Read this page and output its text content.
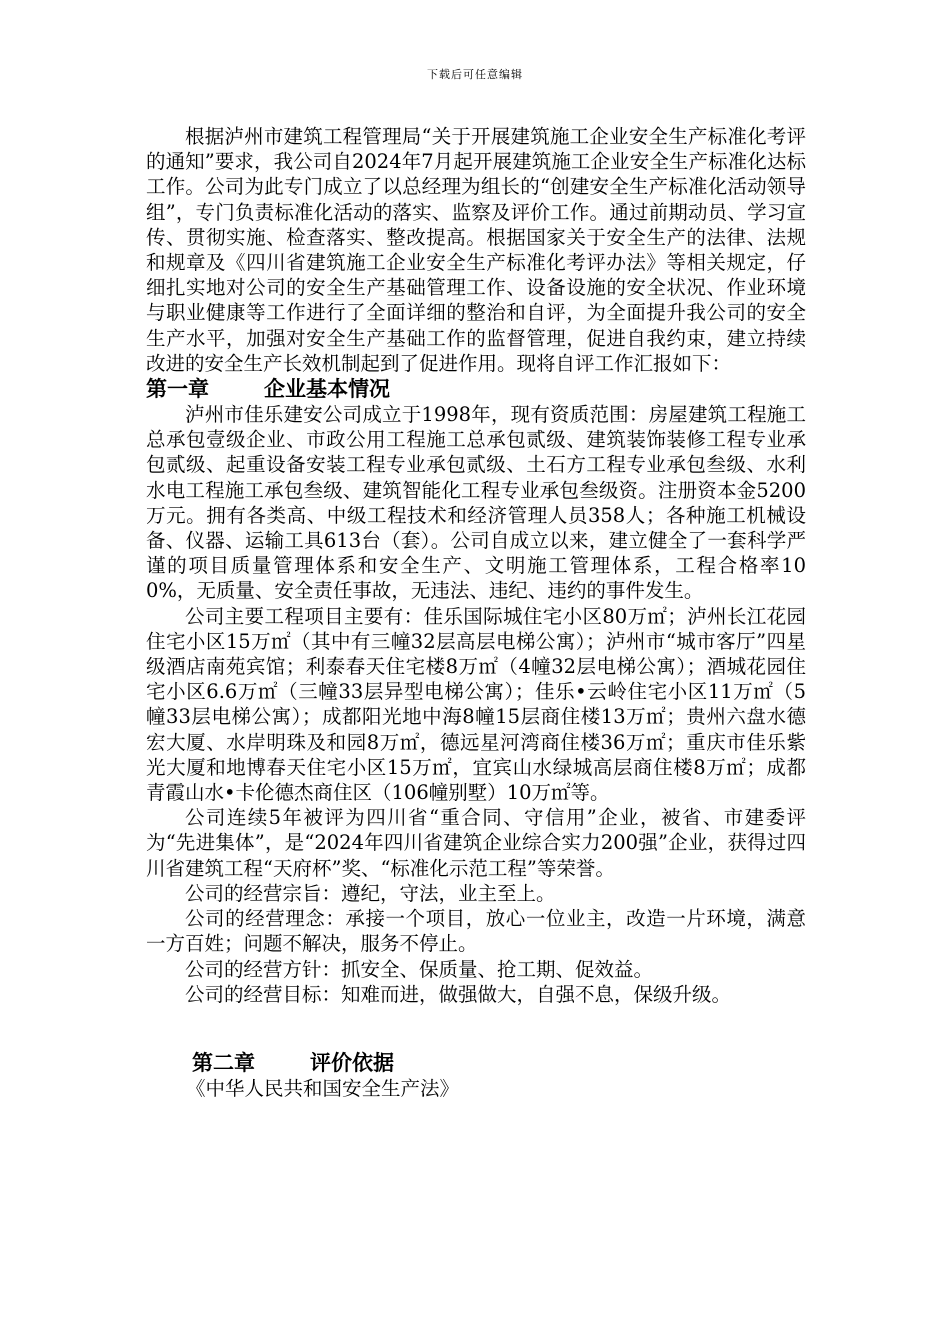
下载后可任意编辑

根据泸州市建筑工程管理局“关于开展建筑施工企业安全生产标准化考评的通知”要求，我公司自2024年7月起开展建筑施工企业安全生产标准化达标工作。公司为此专门成立了以总经理为组长的“创建安全生产标准化活动领导组”，专门负责标准化活动的落实、监察及评价工作。通过前期动员、学习宣传、贯彻实施、检查落实、整改提高。根据国家关于安全生产的法律、法规和规章及《四川省建筑施工企业安全生产标准化考评办法》等相关规定，仔细扎实地对公司的安全生产基础管理工作、设备设施的安全状况、作业环境与职业健康等工作进行了全面详细的整治和自评，为全面提升我公司的安全生产水平，加强对安全生产基础工作的监督管理，促进自我约束，建立持续改进的安全生产长效机制起到了促进作用。现将自评工作汇报如下：

第一章	企业基本情况

泸州市佳乐建安公司成立于1998年，现有资质范围：房屋建筑工程施工总承包壹级企业、市政公用工程施工总承包贰级、建筑装饰装修工程专业承包贰级、起重设备安装工程专业承包贰级、土石方工程专业承包叁级、水利水电工程施工承包叁级、建筑智能化工程专业承包叁级资。注册资本金5200万元。拥有各类高、中级工程技术和经济管理人员358人；各种施工机械设备、仪器、运输工具613台（套）。公司自成立以来，建立健全了一套科学严谨的项目质量管理体系和安全生产、文明施工管理体系，工程合格率100%，无质量、安全责任事故，无违法、违纪、违约的事件发生。

公司主要工程项目主要有：佳乐国际城住宅小区80万㎡；泸州长江花园住宅小区15万㎡（其中有三幢32层高层电梯公寓）；泸州市“城市客厅”四星级酒店南苑宾馆；利泰春天住宅楼8万㎡（4幢32层电梯公寓）；酒城花园住宅小区6.6万㎡（三幢33层异型电梯公寓）；佳乐•云岭住宅小区11万㎡（5幢33层电梯公寓）；成都阳光地中海8幢15层商住楼13万㎡；贵州六盘水德宏大厦、水岸明珠及和园8万㎡，德远星河湾商住楼36万㎡；重庆市佳乐紫光大厦和地博春天住宅小区15万㎡，宜宾山水绿城高层商住楼8万㎡；成都青霞山水•卡伦德杰商住区（106幢别墅）10万㎡等。

公司连续5年被评为四川省“重合同、守信用”企业，被省、市建委评为“先进集体”，是“2024年四川省建筑企业综合实力200强”企业，获得过四川省建筑工程“天府杯”奖、“标准化示范工程”等荣誉。

公司的经营宗旨：遵纪，守法，业主至上。

公司的经营理念：承接一个项目，放心一位业主，改造一片环境，满意一方百姓；问题不解决，服务不停止。

公司的经营方针：抓安全、保质量、抢工期、促效益。

公司的经营目标：知难而进，做强做大，自强不息，保级升级。

第二章	评价依据

《中华人民共和国安全生产法》
